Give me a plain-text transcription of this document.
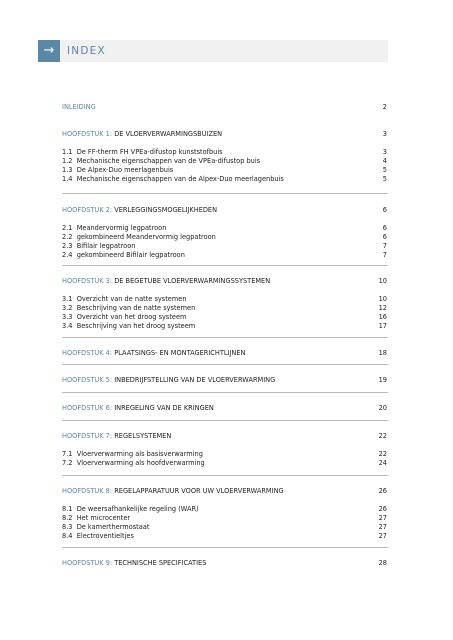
→	INDEX
INLEIDING	2
HOOFDSTUK 1: DE VLOERVERWARMINGSBUIZEN	3
1.1 De FF-therm FH VPEa-difustop kunststofbuis	3
1.2 Mechanische eigenschappen van de VPEa-difustop buis	4
1.3 De Alpex-Duo meerlagenbuis	5
1.4 Mechanische eigenschappen van de Alpex-Duo meerlagenbuis	5
HOOFDSTUK 2: VERLEGGINGSMOGELIJKHEDEN	6
2.1 Meandervormig legpatroon	6
2.2 gekombineerd Meandervormig legpatroon	6
2.3 Bifilair legpatroon	7
2.4 gekombineerd Bifilair legpatroon	7
HOOFDSTUK 3: DE BEGETUBE VLOERVERWARMINGSSYSTEMEN	10
3.1 Overzicht van de natte systemen	10
3.2 Beschrijving van de natte systemen	12
3.3 Overzicht van het droog systeem	16
3.4 Beschrijving van het droog systeem	17
HOOFDSTUK 4: PLAATSINGS- EN MONTAGERICHTLIJNEN	18
HOOFDSTUK 5: INBEDRIJFSTELLING VAN DE VLOERVERWARMING	19
HOOFDSTUK 6: INREGELING VAN DE KRINGEN	20
HOOFDSTUK 7: REGELSYSTEMEN	22
7.1 Vloerverwarming als basisverwarming	22
7.2 Vloerverwarming als hoofdverwarming	24
HOOFDSTUK 8: REGELAPPARATUUR VOOR UW VLOERVERWARMING	26
8.1 De weersafhankelijke regeling (WAR)	26
8.2 Het microcenter	27
8.3 De kamerthermostaat	27
8.4 Electroventieltjes	27
HOOFDSTUK 9: TECHNISCHE SPECIFICATIES	28
